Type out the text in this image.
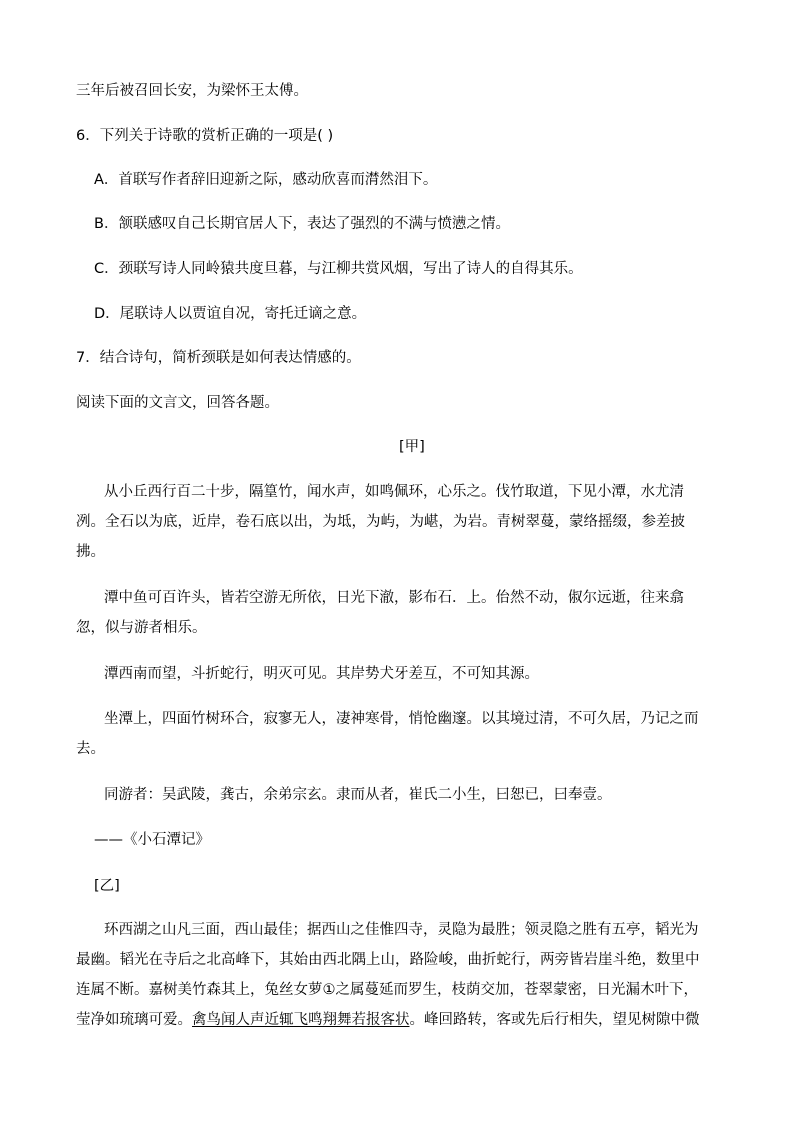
三年后被召回长安，为梁怀王太傅。
6．下列关于诗歌的赏析正确的一项是( )
A．首联写作者辞旧迎新之际，感动欣喜而潸然泪下。
B．颔联感叹自己长期官居人下，表达了强烈的不满与愤懑之情。
C．颈联写诗人同岭猿共度旦暮，与江柳共赏风烟，写出了诗人的自得其乐。
D．尾联诗人以贾谊自况，寄托迁谪之意。
7．结合诗句，简析颈联是如何表达情感的。
阅读下面的文言文，回答各题。
[甲]
从小丘西行百二十步，隔篁竹，闻水声，如鸣佩环，心乐之。伐竹取道，下见小潭，水尤清
冽。全石以为底，近岸，卷石底以出，为坻，为屿，为嵁，为岩。青树翠蔓，蒙络摇缀，参差披
拂。
潭中鱼可百许头，皆若空游无所依，日光下澈，影布石．上。佁然不动，俶尔远逝，往来翕
忽，似与游者相乐。
潭西南而望，斗折蛇行，明灭可见。其岸势犬牙差互，不可知其源。
坐潭上，四面竹树环合，寂寥无人，凄神寒骨，悄怆幽邃。以其境过清，不可久居，乃记之而
去。
同游者：吴武陵，龚古，余弟宗玄。隶而从者，崔氏二小生，曰恕已，曰奉壹。
——《小石潭记》
[乙]
环西湖之山凡三面，西山最佳；据西山之佳惟四寺，灵隐为最胜；领灵隐之胜有五亭，韬光为
最幽。韬光在寺后之北高峰下，其始由西北隅上山，路险峻，曲折蛇行，两旁皆岩崖斗绝，数里中
连属不断。嘉树美竹森其上，兔丝女萝①之属蔓延而罗生，枝荫交加，苍翠蒙密，日光漏木叶下，
莹净如琉璃可爱。禽鸟闻人声近辄飞鸣翔舞若报客状。峰回路转，客或先后行相失，望见树隙中微
